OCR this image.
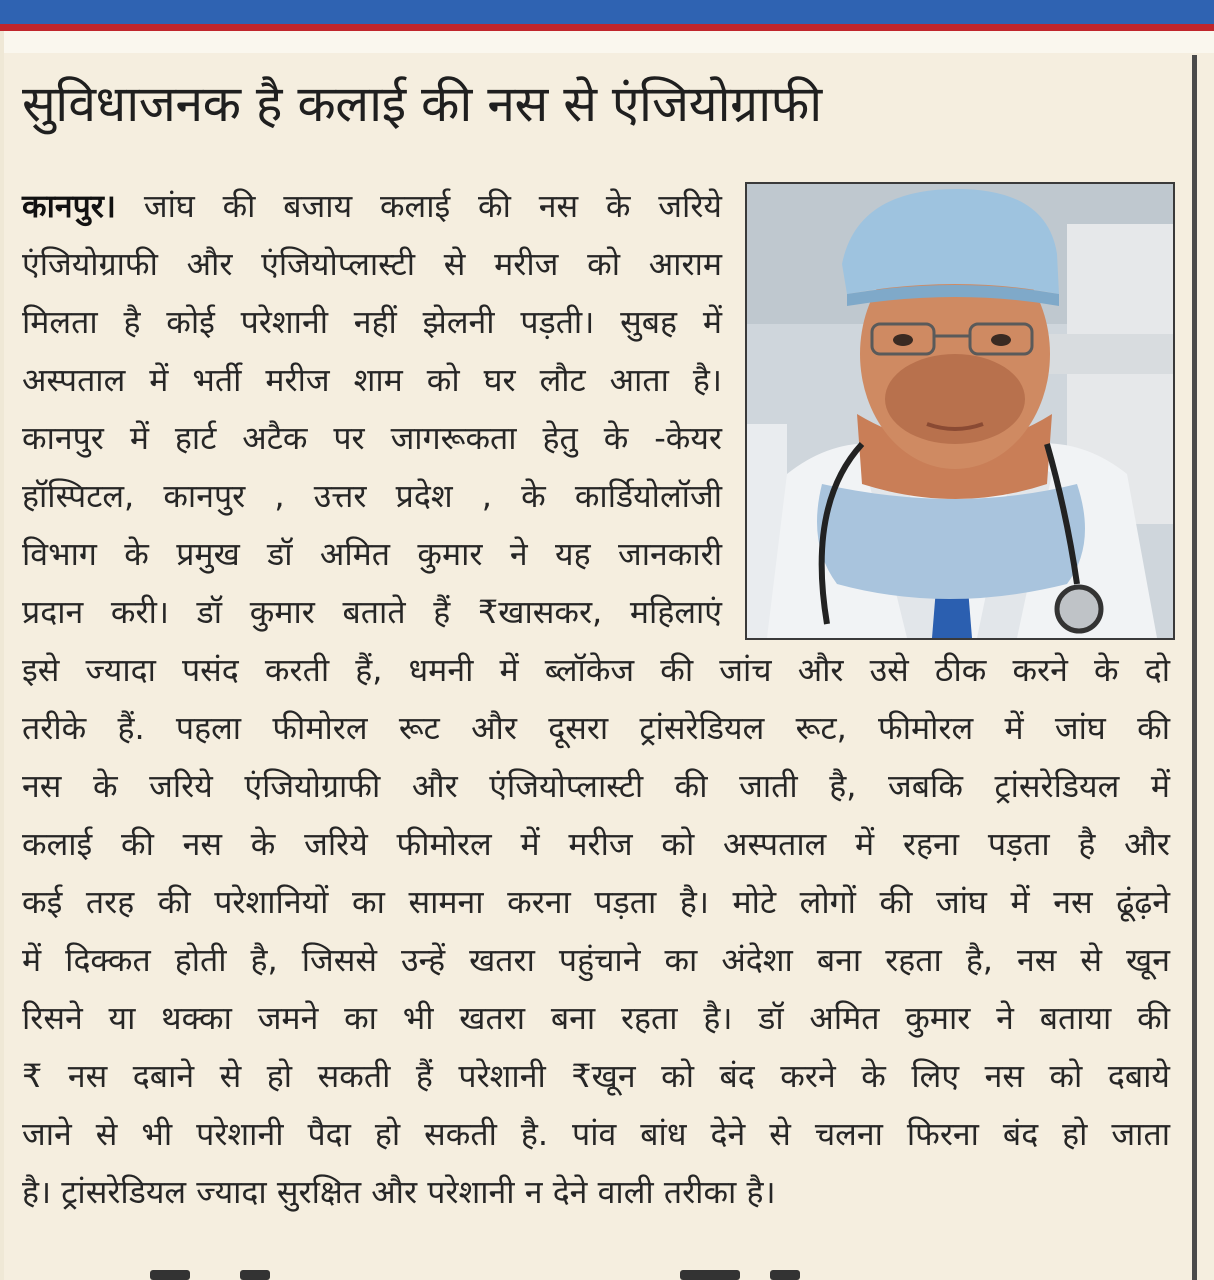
सुविधाजनक है कलाई की नस से एंजियोग्राफी
कानपुर। जांघ की बजाय कलाई की नस के जरिये
एंजियोग्राफी और एंजियोप्लास्टी से मरीज को आराम
मिलता है कोई परेशानी नहीं झेलनी पड़ती। सुबह में
अस्पताल में भर्ती मरीज शाम को घर लौट आता है।
कानपुर में हार्ट अटैक पर जागरूकता हेतु के -केयर
हॉस्पिटल, कानपुर , उत्तर प्रदेश , के कार्डियोलॉजी
विभाग के प्रमुख डॉ अमित कुमार ने यह जानकारी
प्रदान करी। डॉ कुमार बताते हैं ₹खासकर, महिलाएं
इसे ज्यादा पसंद करती हैं, धमनी में ब्लॉकेज की जांच और उसे ठीक करने के दो
तरीके हैं. पहला फीमोरल रूट और दूसरा ट्रांसरेडियल रूट, फीमोरल में जांघ की
नस के जरिये एंजियोग्राफी और एंजियोप्लास्टी की जाती है, जबकि ट्रांसरेडियल में
कलाई की नस के जरिये फीमोरल में मरीज को अस्पताल में रहना पड़ता है और
कई तरह की परेशानियों का सामना करना पड़ता है। मोटे लोगों की जांघ में नस ढूंढ़ने
में दिक्कत होती है, जिससे उन्हें खतरा पहुंचाने का अंदेशा बना रहता है, नस से खून
रिसने या थक्का जमने का भी खतरा बना रहता है। डॉ अमित कुमार ने बताया की
₹ नस दबाने से हो सकती हैं परेशानी ₹खून को बंद करने के लिए नस को दबाये
जाने से भी परेशानी पैदा हो सकती है. पांव बांध देने से चलना फिरना बंद हो जाता
है। ट्रांसरेडियल ज्यादा सुरक्षित और परेशानी न देने वाली तरीका है।
